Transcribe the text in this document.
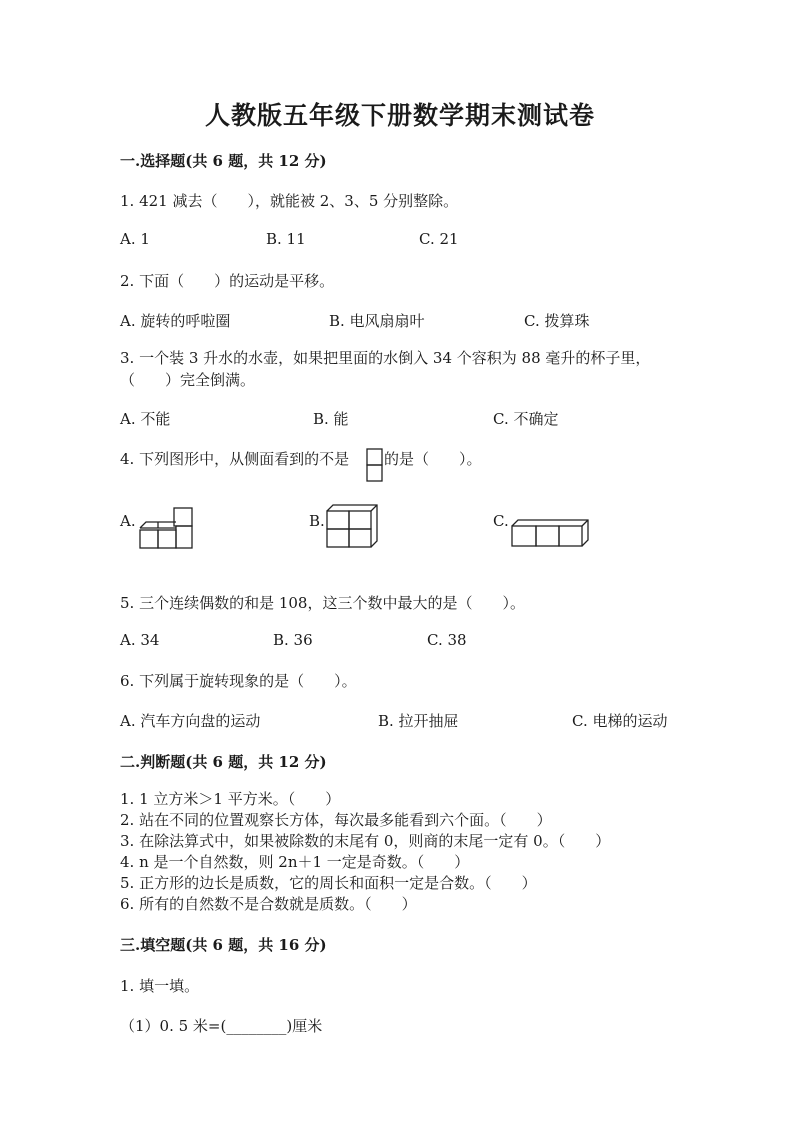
人教版五年级下册数学期末测试卷
一.选择题(共 6 题，共 12 分)
1. 421 减去（　　），就能被 2、3、5 分别整除。
A. 1	B. 11	C. 21
2. 下面（　　）的运动是平移。
A. 旋转的呼啦圈	B. 电风扇扇叶	C. 拨算珠
3. 一个装 3 升水的水壶，如果把里面的水倒入 34 个容积为 88 毫升的杯子里，
（　　）完全倒满。
A. 不能	B. 能	C. 不确定
4. 下列图形中，从侧面看到的不是 的是（　　）。
A.	B.	C.
5. 三个连续偶数的和是 108，这三个数中最大的是（　　）。
A. 34	B. 36	C. 38
6. 下列属于旋转现象的是（　　）。
A. 汽车方向盘的运动	B. 拉开抽屉	C. 电梯的运动
二.判断题(共 6 题，共 12 分)
1. 1 立方米＞1 平方米。（　　）
2. 站在不同的位置观察长方体，每次最多能看到六个面。（　　）
3. 在除法算式中，如果被除数的末尾有 0，则商的末尾一定有 0。（　　）
4. n 是一个自然数，则 2n＋1 一定是奇数。（　　）
5. 正方形的边长是质数，它的周长和面积一定是合数。（　　）
6. 所有的自然数不是合数就是质数。（　　）
三.填空题(共 6 题，共 16 分)
1. 填一填。
（1）0. 5 米=(________)厘米
